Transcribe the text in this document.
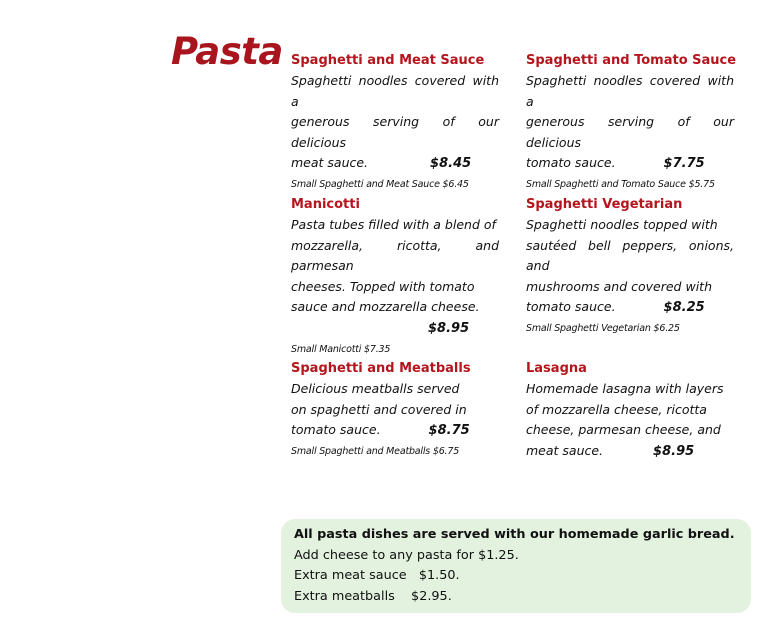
Pasta Spaghetti and Meat Sauce
Spaghetti noodles covered with a
generous serving of our delicious
meat sauce.	$8.45
Small Spaghetti and Meat Sauce $6.45
Spaghetti and Tomato Sauce
Spaghetti noodles covered with a
generous serving of our delicious
tomato sauce.	$7.75
Small Spaghetti and Tomato Sauce $5.75
Manicotti
Pasta tubes filled with a blend of
mozzarella, ricotta, and parmesan
cheeses. Topped with tomato
sauce and mozzarella cheese.
$8.95
Small Manicotti $7.35
Spaghetti Vegetarian
Spaghetti noodles topped with
sautéed bell peppers, onions, and
mushrooms and covered with
tomato sauce.	$8.25
Small Spaghetti Vegetarian $6.25
Spaghetti and Meatballs
Delicious meatballs served
on spaghetti and covered in
tomato sauce.	$8.75
Small Spaghetti and Meatballs $6.75
Lasagna
Homemade lasagna with layers
of mozzarella cheese, ricotta
cheese, parmesan cheese, and
meat sauce.	$8.95
All pasta dishes are served with our homemade garlic bread.
Add cheese to any pasta for $1.25.
Extra meat sauce   $1.50.
Extra meatballs    $2.95.
